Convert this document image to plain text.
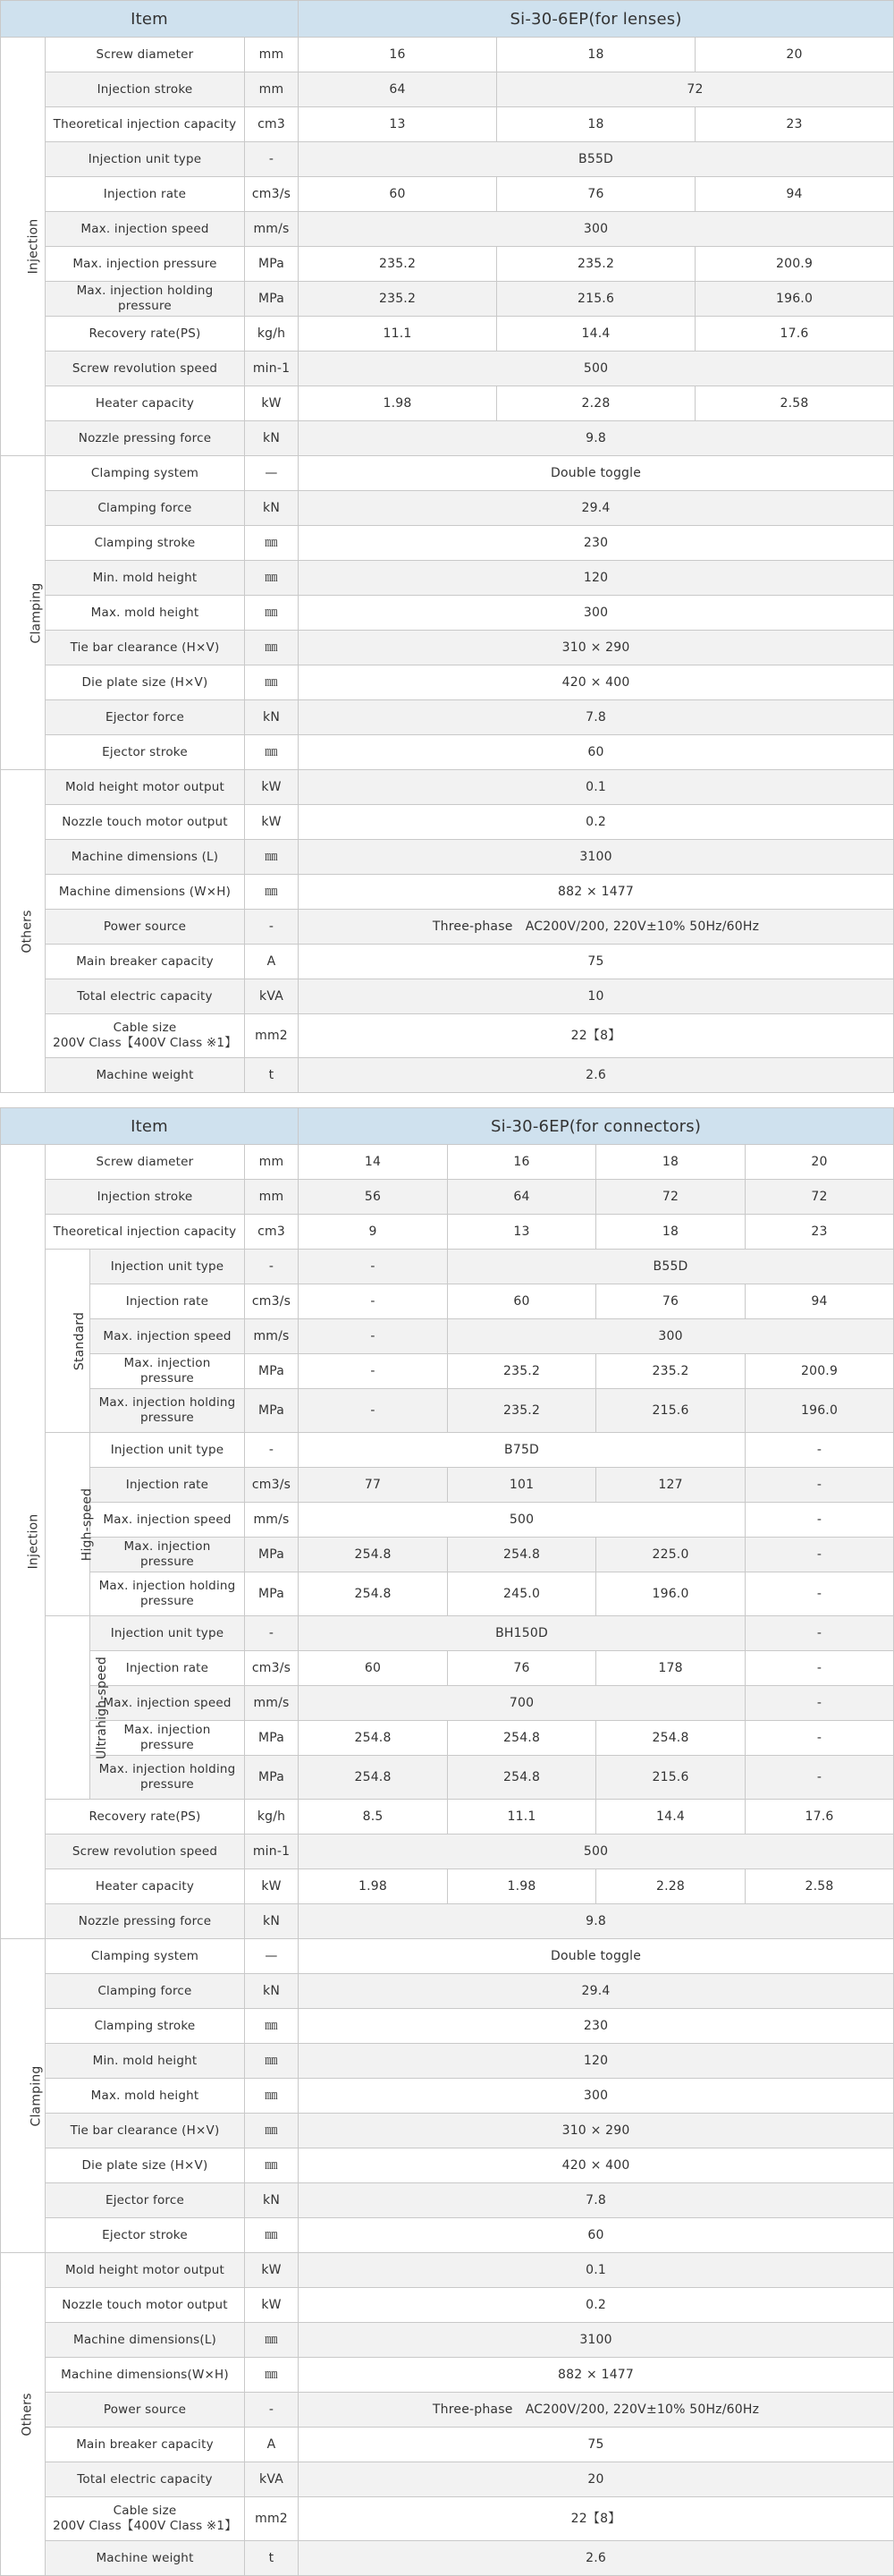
Item			Si-30-6EP(for lenses)		
Injection	Screw diameter	mm	16	18	20
	Injection stroke	mm	64	72	
	Theoretical injection capacity	cm3	13	18	23
	Injection unit type	-	B55D		
	Injection rate	cm3/s	60	76	94
	Max. injection speed	mm/s	300		
	Max. injection pressure	MPa	235.2	235.2	200.9
	Max. injection holding pressure	MPa	235.2	215.6	196.0
	Recovery rate(PS)	kg/h	11.1	14.4	17.6
	Screw revolution speed	min-1	500		
	Heater capacity	kW	1.98	2.28	2.58
	Nozzle pressing force	kN	9.8		
Clamping	Clamping system	—	Double toggle		
	Clamping force	kN	29.4		
	Clamping stroke	㎜	230		
	Min. mold height	㎜	120		
	Max. mold height	㎜	300		
	Tie bar clearance (H×V)	㎜	310 × 290		
	Die plate size (H×V)	㎜	420 × 400		
	Ejector force	kN	7.8		
	Ejector stroke	㎜	60		
Others	Mold height motor output	kW	0.1		
	Nozzle touch motor output	kW	0.2		
	Machine dimensions (L)	㎜	3100		
	Machine dimensions (W×H)	㎜	882 × 1477		
	Power source	-	Three-phase　AC200V/200, 220V±10% 50Hz/60Hz		
	Main breaker capacity	A	75		
	Total electric capacity	kVA	10		
	Cable size
200V Class【400V Class ※1】	mm2	22【8】		
	Machine weight	t	2.6		
Item				Si-30-6EP(for connectors)			
Injection	Screw diameter		mm	14	16	18	20
	Injection stroke		mm	56	64	72	72
	Theoretical injection capacity		cm3	9	13	18	23
	Standard	Injection unit type	-	-	B55D		
		Injection rate	cm3/s	-	60	76	94
		Max. injection speed	mm/s	-	300		
		Max. injection pressure	MPa	-	235.2	235.2	200.9
		Max. injection holding pressure	MPa	-	235.2	215.6	196.0
	High-speed	Injection unit type	-	B75D			-
		Injection rate	cm3/s	77	101	127	-
		Max. injection speed	mm/s	500			-
		Max. injection pressure	MPa	254.8	254.8	225.0	-
		Max. injection holding pressure	MPa	254.8	245.0	196.0	-
	Ultrahigh-speed	Injection unit type	-	BH150D			-
		Injection rate	cm3/s	60	76	178	-
		Max. injection speed	mm/s	700			-
		Max. injection pressure	MPa	254.8	254.8	254.8	-
		Max. injection holding pressure	MPa	254.8	254.8	215.6	-
	Recovery rate(PS)		kg/h	8.5	11.1	14.4	17.6
	Screw revolution speed		min-1	500			
	Heater capacity		kW	1.98	1.98	2.28	2.58
	Nozzle pressing force		kN	9.8			
Clamping	Clamping system		—	Double toggle			
	Clamping force		kN	29.4			
	Clamping stroke		㎜	230			
	Min. mold height		㎜	120			
	Max. mold height		㎜	300			
	Tie bar clearance (H×V)		㎜	310 × 290			
	Die plate size (H×V)		㎜	420 × 400			
	Ejector force		kN	7.8			
	Ejector stroke		㎜	60			
Others	Mold height motor output		kW	0.1			
	Nozzle touch motor output		kW	0.2			
	Machine dimensions(L)		㎜	3100			
	Machine dimensions(W×H)		㎜	882 × 1477			
	Power source		-	Three-phase　AC200V/200, 220V±10% 50Hz/60Hz			
	Main breaker capacity		A	75			
	Total electric capacity		kVA	20			
	Cable size
200V Class【400V Class ※1】		mm2	22【8】			
	Machine weight		t	2.6			
